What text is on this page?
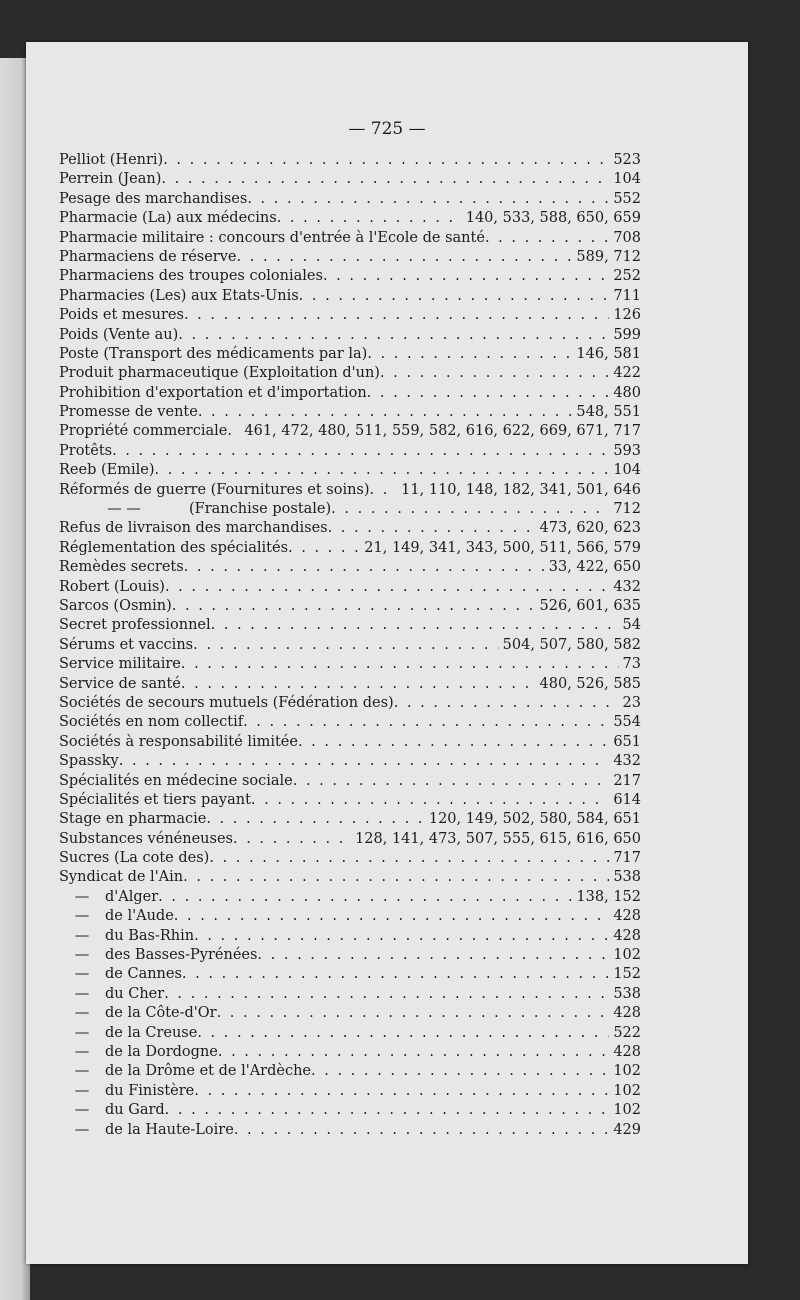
— 725 —
Pelliot (Henri) . . .	523
Perrein (Jean) . . .	104
Pesage des marchandises . . .	552
Pharmacie (La) aux médecins . . .	140, 533, 588, 650, 659
Pharmacie militaire : concours d'entrée à l'Ecole de santé . . .	708
Pharmaciens de réserve . . .	589, 712
Pharmaciens des troupes coloniales . . .	252
Pharmacies (Les) aux Etats-Unis . . .	711
Poids et mesures . . .	126
Poids (Vente au) . . .	599
Poste (Transport des médicaments par la) . . .	146, 581
Produit pharmaceutique (Exploitation d'un) . . .	422
Prohibition d'exportation et d'importation . . .	480
Promesse de vente . . .	548, 551
Propriété commerciale . . . 461, 472, 480, 511, 559, 582, 616, 622, 669, 671, 717
Protêts . . .	593
Reeb (Emile) . . .	104
Réformés de guerre (Fournitures et soins) . . . 11, 110, 148, 182, 341, 501, 646
— —	(Franchise postale) . . .	712
Refus de livraison des marchandises . . .	473, 620, 623
Réglementation des spécialités . . .	21, 149, 341, 343, 500, 511, 566, 579
Remèdes secrets . . .	33, 422, 650
Robert (Louis) . . .	432
Sarcos (Osmin) . . .	526, 601, 635
Secret professionnel . . .	54
Sérums et vaccins . . .	504, 507, 580, 582
Service militaire . . .	73
Service de santé . . .	480, 526, 585
Sociétés de secours mutuels (Fédération des) . . .	23
Sociétés en nom collectif . . .	554
Sociétés à responsabilité limitée . . .	651
Spassky . . .	432
Spécialités en médecine sociale . . .	217
Spécialités et tiers payant . . .	614
Stage en pharmacie . . .	120, 149, 502, 580, 584, 651
Substances vénéneuses . . .	128, 141, 473, 507, 555, 615, 616, 650
Sucres (La cote des) . . .	717
Syndicat de l'Ain . . .	538
—	d'Alger . . .	138, 152
—	de l'Aude . . .	428
—	du Bas-Rhin . . .	428
—	des Basses-Pyrénées . . .	102
—	de Cannes . . .	152
—	du Cher . . .	538
—	de la Côte-d'Or . . .	428
—	de la Creuse . . .	522
—	de la Dordogne . . .	428
—	de la Drôme et de l'Ardèche . . .	102
—	du Finistère . . .	102
—	du Gard . . .	102
—	de la Haute-Loire . . .	429
